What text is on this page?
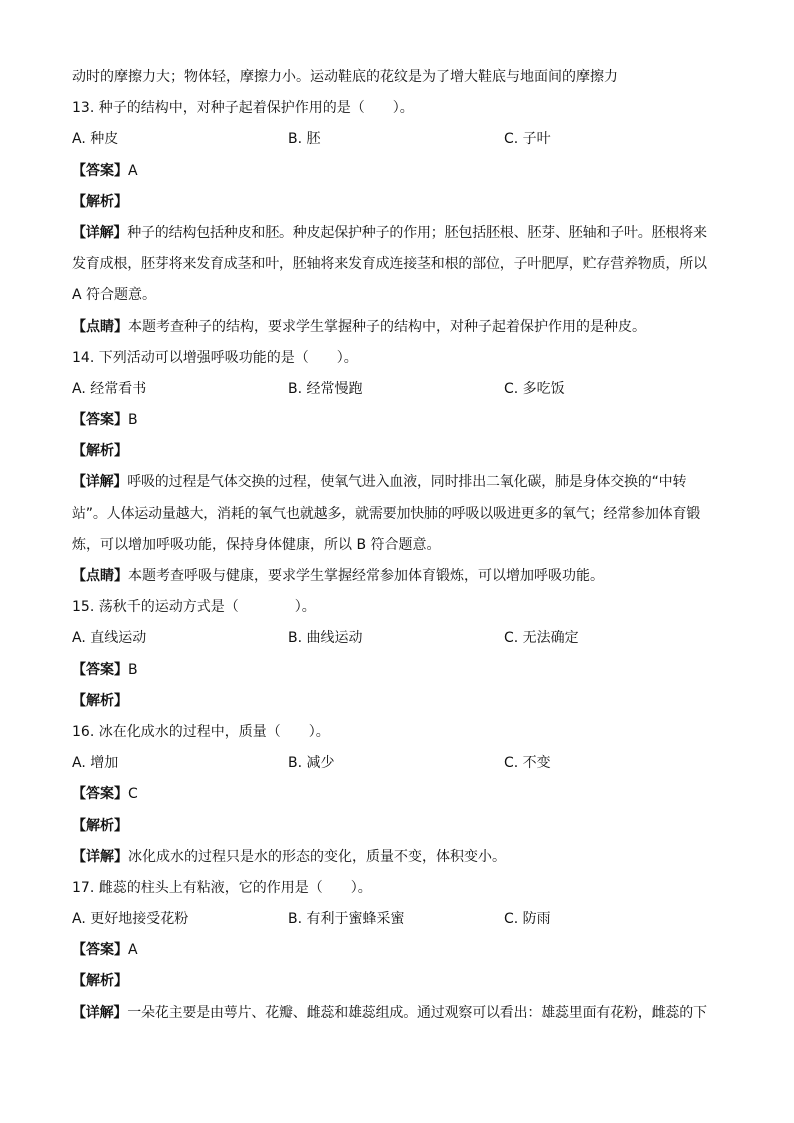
动时的摩擦力大；物体轻，摩擦力小。运动鞋底的花纹是为了增大鞋底与地面间的摩擦力
13. 种子的结构中，对种子起着保护作用的是（　　）。
A. 种皮	B. 胚	C. 子叶
【答案】A
【解析】
【详解】种子的结构包括种皮和胚。种皮起保护种子的作用；胚包括胚根、胚芽、胚轴和子叶。胚根将来
发育成根，胚芽将来发育成茎和叶，胚轴将来发育成连接茎和根的部位，子叶肥厚，贮存营养物质，所以
A 符合题意。
【点睛】本题考查种子的结构，要求学生掌握种子的结构中，对种子起着保护作用的是种皮。
14. 下列活动可以增强呼吸功能的是（　　）。
A. 经常看书	B. 经常慢跑	C. 多吃饭
【答案】B
【解析】
【详解】呼吸的过程是气体交换的过程，使氧气进入血液，同时排出二氧化碳，肺是身体交换的“中转
站”。人体运动量越大，消耗的氧气也就越多，就需要加快肺的呼吸以吸进更多的氧气；经常参加体育锻
炼，可以增加呼吸功能，保持身体健康，所以 B 符合题意。
【点睛】本题考查呼吸与健康，要求学生掌握经常参加体育锻炼，可以增加呼吸功能。
15. 荡秋千的运动方式是（　　　　）。
A. 直线运动	B. 曲线运动	C. 无法确定
【答案】B
【解析】
16. 冰在化成水的过程中，质量（　　）。
A. 增加	B. 减少	C. 不变
【答案】C
【解析】
【详解】冰化成水的过程只是水的形态的变化，质量不变，体积变小。
17. 雌蕊的柱头上有粘液，它的作用是（　　）。
A. 更好地接受花粉	B. 有利于蜜蜂采蜜	C. 防雨
【答案】A
【解析】
【详解】一朵花主要是由萼片、花瓣、雌蕊和雄蕊组成。通过观察可以看出：雄蕊里面有花粉，雌蕊的下
